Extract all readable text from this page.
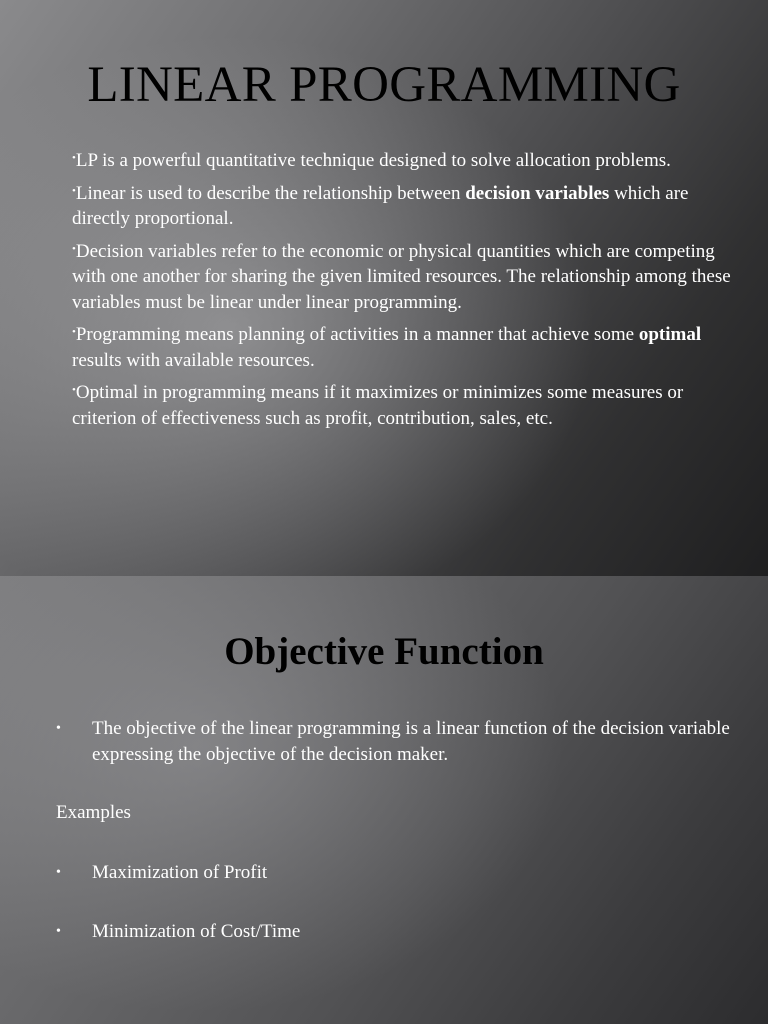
LINEAR PROGRAMMING

•LP is a powerful quantitative technique designed to solve allocation problems.

•Linear is used to describe the relationship between decision variables which are directly proportional.

•Decision variables refer to the economic or physical quantities which are competing with one another for sharing the given limited resources. The relationship among these variables must be linear under linear programming.

•Programming means planning of activities in a manner that achieve some optimal results with available resources.

•Optimal in programming means if it maximizes or minimizes some measures or criterion of effectiveness such as profit, contribution, sales, etc.

Objective Function
• The objective of the linear programming is a linear function of the decision variable expressing the objective of the decision maker.
Examples
• Maximization of Profit
• Minimization of Cost/Time
